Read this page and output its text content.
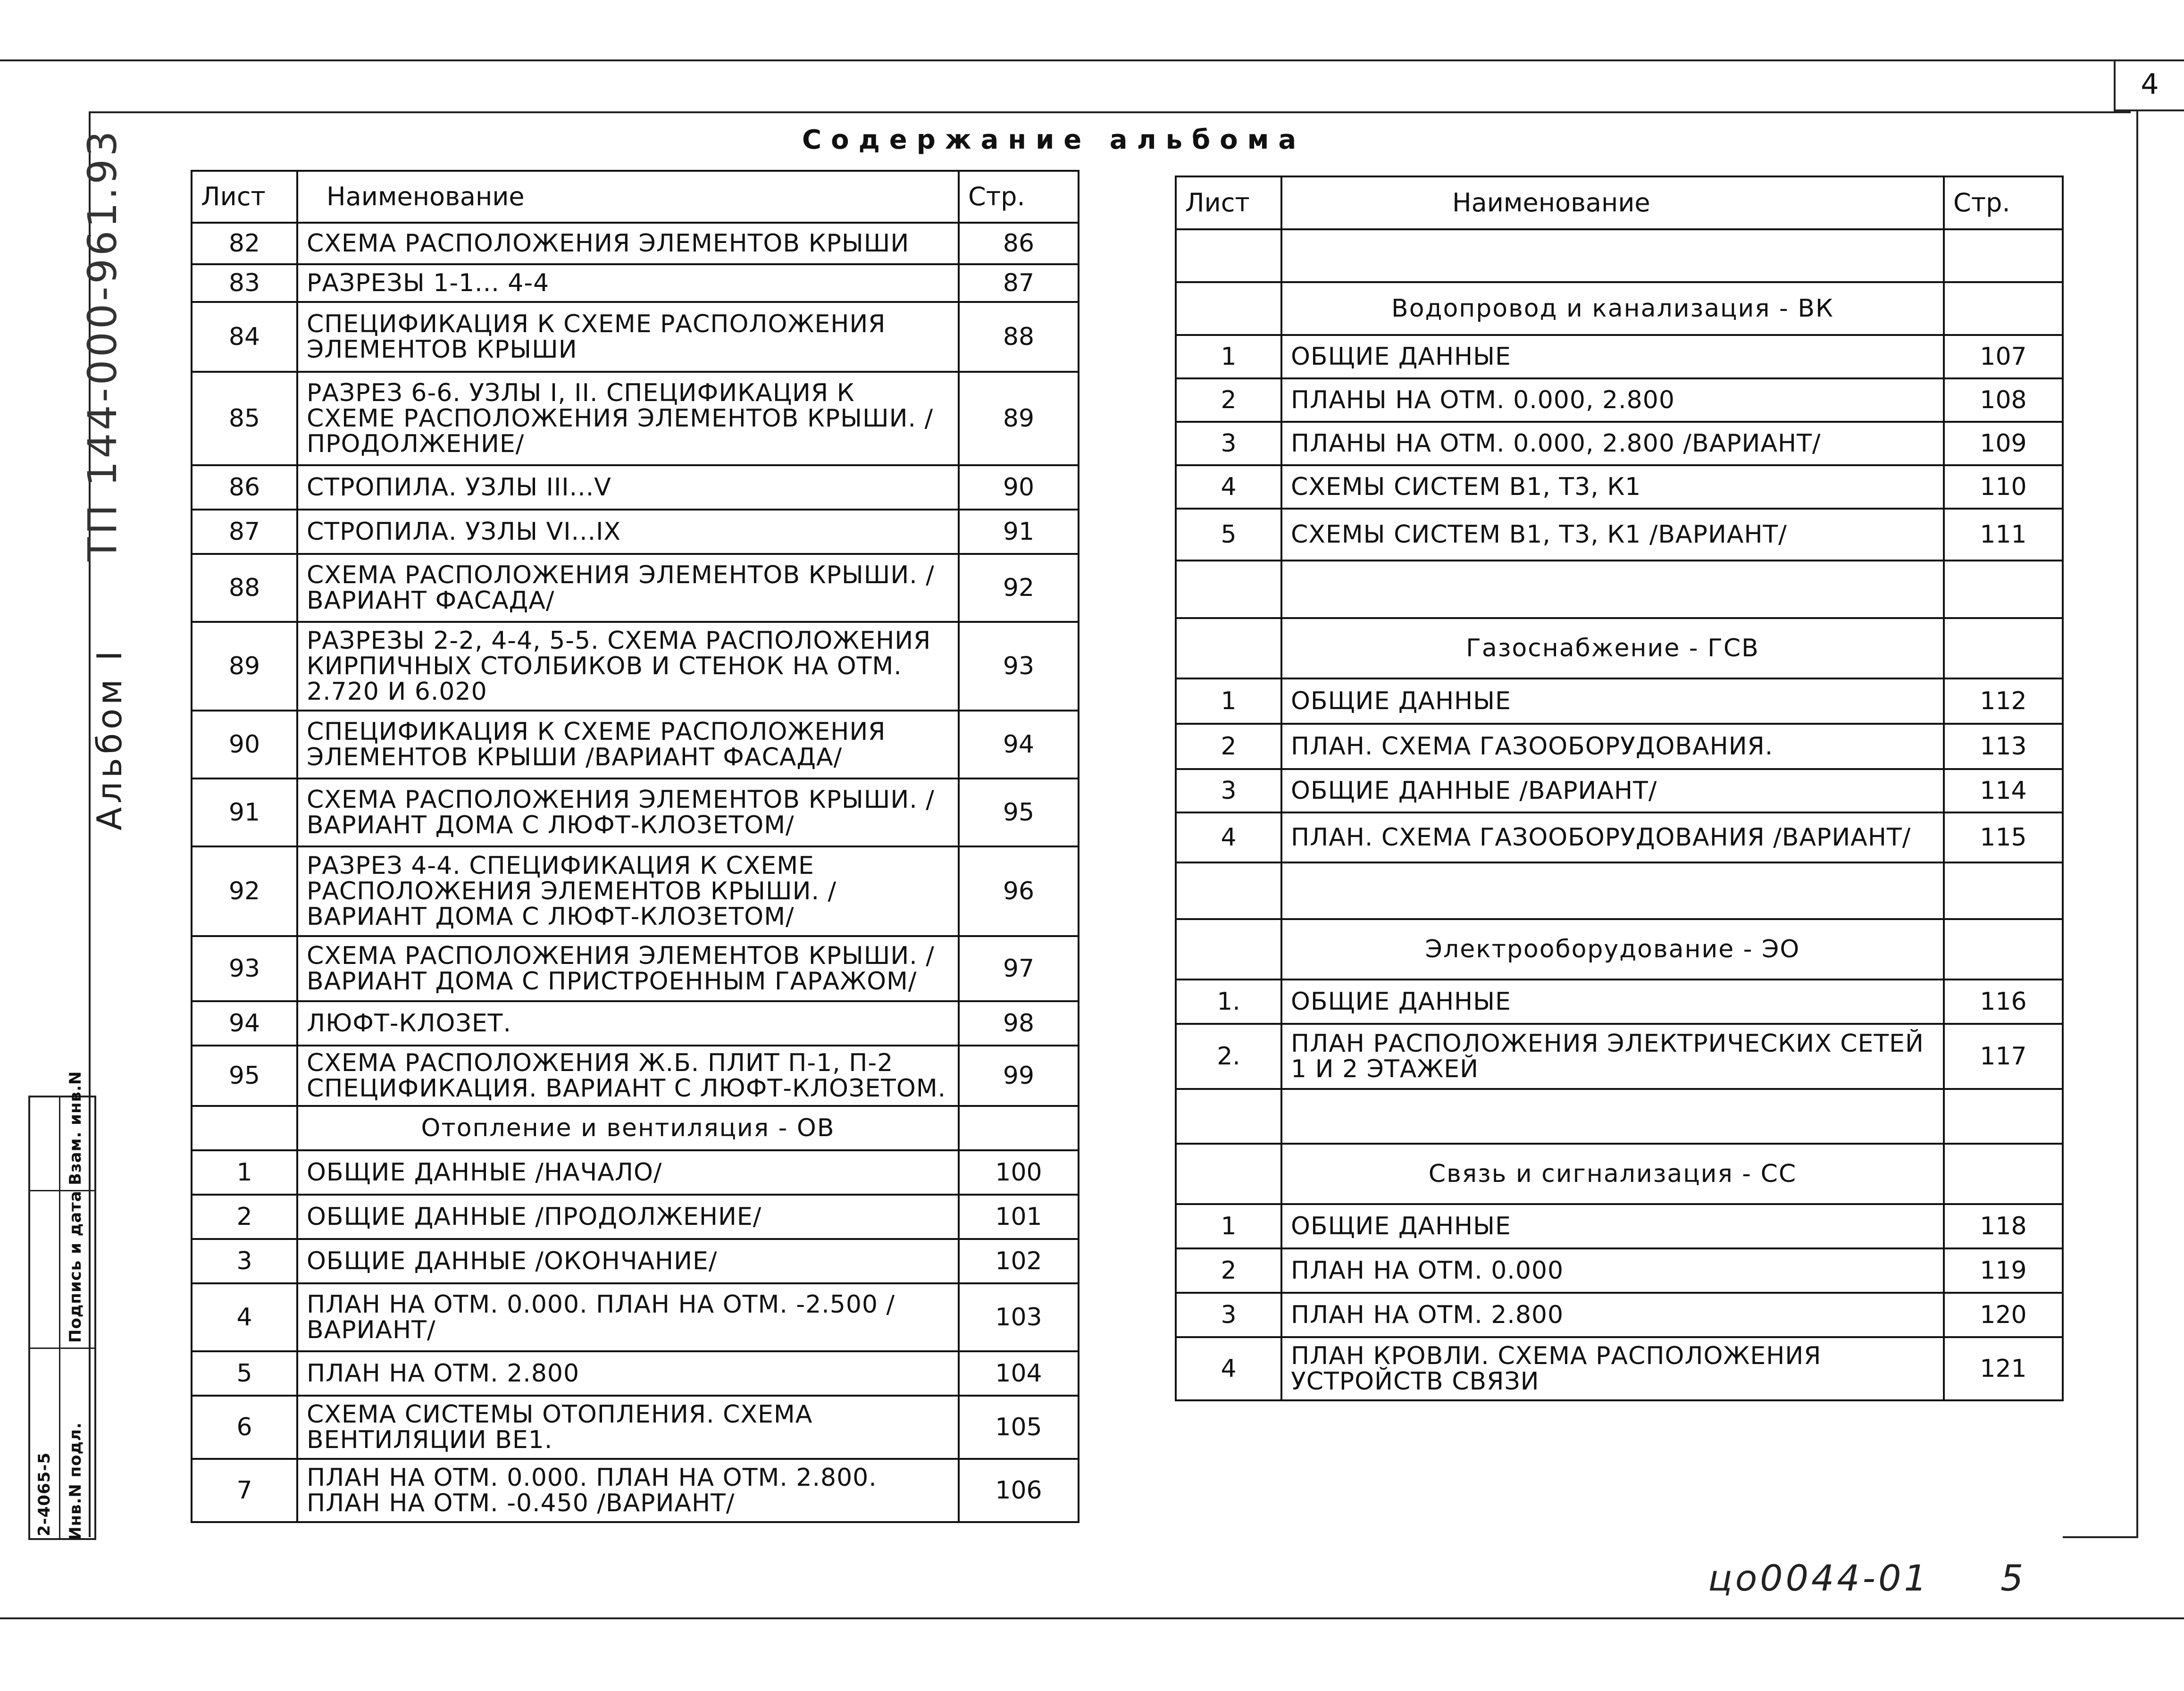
4
ТП 144-000-961.93
Альбом I
Инв.N подл.
Подпись и дата
Взам. инв.N
2-4065-5
Содержание альбома
Лист	Наименование	Стр.
82	СХЕМА РАСПОЛОЖЕНИЯ ЭЛЕМЕНТОВ КРЫШИ	86
83	РАЗРЕЗЫ 1-1... 4-4	87
84	СПЕЦИФИКАЦИЯ К СХЕМЕ РАСПОЛОЖЕНИЯ ЭЛЕМЕНТОВ КРЫШИ	88
85	РАЗРЕЗ 6-6. УЗЛЫ I, II. СПЕЦИФИКАЦИЯ К СХЕМЕ РАСПОЛОЖЕНИЯ ЭЛЕМЕНТОВ КРЫШИ. /ПРОДОЛЖЕНИЕ/	89
86	СТРОПИЛА. УЗЛЫ III...V	90
87	СТРОПИЛА. УЗЛЫ VI...IX	91
88	СХЕМА РАСПОЛОЖЕНИЯ ЭЛЕМЕНТОВ КРЫШИ. /ВАРИАНТ ФАСАДА/	92
89	РАЗРЕЗЫ 2-2, 4-4, 5-5. СХЕМА РАСПОЛОЖЕНИЯ КИРПИЧНЫХ СТОЛБИКОВ И СТЕНОК НА ОТМ. 2.720 И 6.020	93
90	СПЕЦИФИКАЦИЯ К СХЕМЕ РАСПОЛОЖЕНИЯ ЭЛЕМЕНТОВ КРЫШИ /ВАРИАНТ ФАСАДА/	94
91	СХЕМА РАСПОЛОЖЕНИЯ ЭЛЕМЕНТОВ КРЫШИ. /ВАРИАНТ ДОМА С ЛЮФТ-КЛОЗЕТОМ/	95
92	РАЗРЕЗ 4-4. СПЕЦИФИКАЦИЯ К СХЕМЕ РАСПОЛОЖЕНИЯ ЭЛЕМЕНТОВ КРЫШИ. /ВАРИАНТ ДОМА С ЛЮФТ-КЛОЗЕТОМ/	96
93	СХЕМА РАСПОЛОЖЕНИЯ ЭЛЕМЕНТОВ КРЫШИ. /ВАРИАНТ ДОМА С ПРИСТРОЕННЫМ ГАРАЖОМ/	97
94	ЛЮФТ-КЛОЗЕТ.	98
95	СХЕМА РАСПОЛОЖЕНИЯ Ж.Б. ПЛИТ П-1, П-2 СПЕЦИФИКАЦИЯ. ВАРИАНТ С ЛЮФТ-КЛОЗЕТОМ.	99
	Отопление и вентиляция - ОВ	
1	ОБЩИЕ ДАННЫЕ /НАЧАЛО/	100
2	ОБЩИЕ ДАННЫЕ /ПРОДОЛЖЕНИЕ/	101
3	ОБЩИЕ ДАННЫЕ /ОКОНЧАНИЕ/	102
4	ПЛАН НА ОТМ. 0.000. ПЛАН НА ОТМ. -2.500 /ВАРИАНТ/	103
5	ПЛАН НА ОТМ. 2.800	104
6	СХЕМА СИСТЕМЫ ОТОПЛЕНИЯ. СХЕМА ВЕНТИЛЯЦИИ ВЕ1.	105
7	ПЛАН НА ОТМ. 0.000. ПЛАН НА ОТМ. 2.800. ПЛАН НА ОТМ. -0.450 /ВАРИАНТ/	106
Лист	Наименование	Стр.

	Водопровод и канализация - ВК	
1	ОБЩИЕ ДАННЫЕ	107
2	ПЛАНЫ НА ОТМ. 0.000, 2.800	108
3	ПЛАНЫ НА ОТМ. 0.000, 2.800 /ВАРИАНТ/	109
4	СХЕМЫ СИСТЕМ В1, Т3, К1	110
5	СХЕМЫ СИСТЕМ В1, Т3, К1 /ВАРИАНТ/	111

	Газоснабжение - ГСВ	
1	ОБЩИЕ ДАННЫЕ	112
2	ПЛАН. СХЕМА ГАЗООБОРУДОВАНИЯ.	113
3	ОБЩИЕ ДАННЫЕ /ВАРИАНТ/	114
4	ПЛАН. СХЕМА ГАЗООБОРУДОВАНИЯ /ВАРИАНТ/	115

	Электрооборудование - ЭО	
1.	ОБЩИЕ ДАННЫЕ	116
2.	ПЛАН РАСПОЛОЖЕНИЯ ЭЛЕКТРИЧЕСКИХ СЕТЕЙ 1 И 2 ЭТАЖЕЙ	117

	Связь и сигнализация - СС	
1	ОБЩИЕ ДАННЫЕ	118
2	ПЛАН НА ОТМ. 0.000	119
3	ПЛАН НА ОТМ. 2.800	120
4	ПЛАН КРОВЛИ. СХЕМА РАСПОЛОЖЕНИЯ УСТРОЙСТВ СВЯЗИ	121
цо0044-01 5
